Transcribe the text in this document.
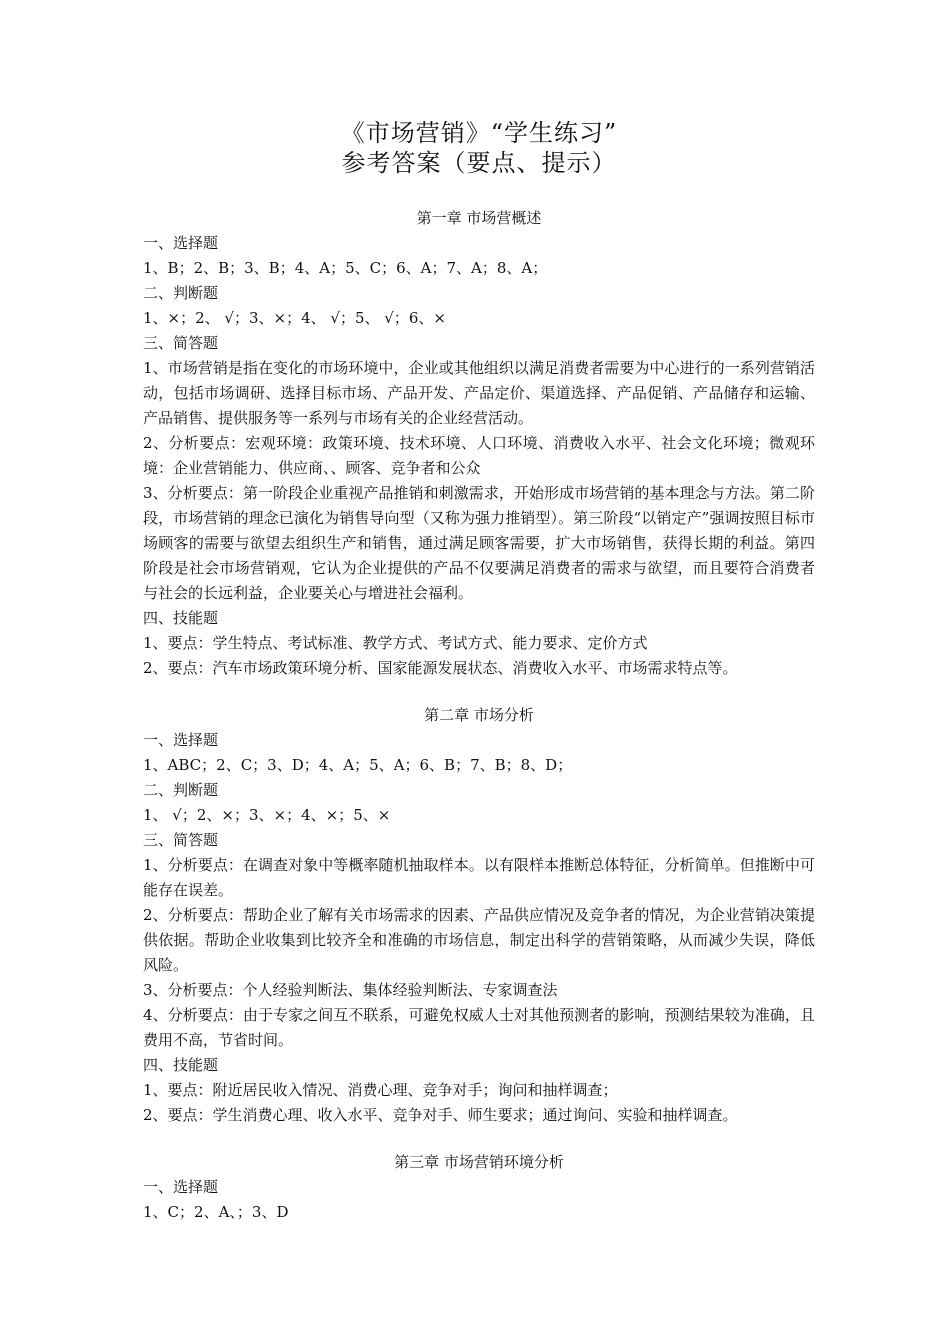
《市场营销》“学生练习”
参考答案（要点、提示）

第一章 市场营概述

一、选择题

1、B；2、B；3、B；4、A；5、C；6、A；7、A；8、A；

二、判断题

1、×；2、 √；3、×；4、 √；5、 √；6、×

三、简答题

1、市场营销是指在变化的市场环境中，企业或其他组织以满足消费者需要为中心进行的一系列营销活动，包括市场调研、选择目标市场、产品开发、产品定价、渠道选择、产品促销、产品储存和运输、产品销售、提供服务等一系列与市场有关的企业经营活动。

2、分析要点：宏观环境：政策环境、技术环境、人口环境、消费收入水平、社会文化环境；微观环境：企业营销能力、供应商、、顾客、竞争者和公众

3、分析要点：第一阶段企业重视产品推销和刺激需求，开始形成市场营销的基本理念与方法。第二阶段，市场营销的理念已演化为销售导向型（又称为强力推销型）。第三阶段“以销定产”强调按照目标市场顾客的需要与欲望去组织生产和销售，通过满足顾客需要，扩大市场销售，获得长期的利益。第四阶段是社会市场营销观，它认为企业提供的产品不仅要满足消费者的需求与欲望，而且要符合消费者与社会的长远利益，企业要关心与增进社会福利。

四、技能题

1、要点：学生特点、考试标准、教学方式、考试方式、能力要求、定价方式

2、要点：汽车市场政策环境分析、国家能源发展状态、消费收入水平、市场需求特点等。

第二章 市场分析

一、选择题

1、ABC；2、C；3、D；4、A；5、A；6、B；7、B；8、D；

二、判断题

1、 √；2、×；3、×；4、×；5、×

三、简答题

1、分析要点：在调查对象中等概率随机抽取样本。以有限样本推断总体特征，分析简单。但推断中可能存在误差。

2、分析要点：帮助企业了解有关市场需求的因素、产品供应情况及竞争者的情况，为企业营销决策提供依据。帮助企业收集到比较齐全和准确的市场信息，制定出科学的营销策略，从而减少失误，降低风险。

3、分析要点：个人经验判断法、集体经验判断法、专家调查法

4、分析要点：由于专家之间互不联系，可避免权威人士对其他预测者的影响，预测结果较为准确，且费用不高，节省时间。

四、技能题

1、要点：附近居民收入情况、消费心理、竞争对手；询问和抽样调查；

2、要点：学生消费心理、收入水平、竞争对手、师生要求；通过询问、实验和抽样调查。

第三章 市场营销环境分析

一、选择题

1、C；2、A、；3、D
